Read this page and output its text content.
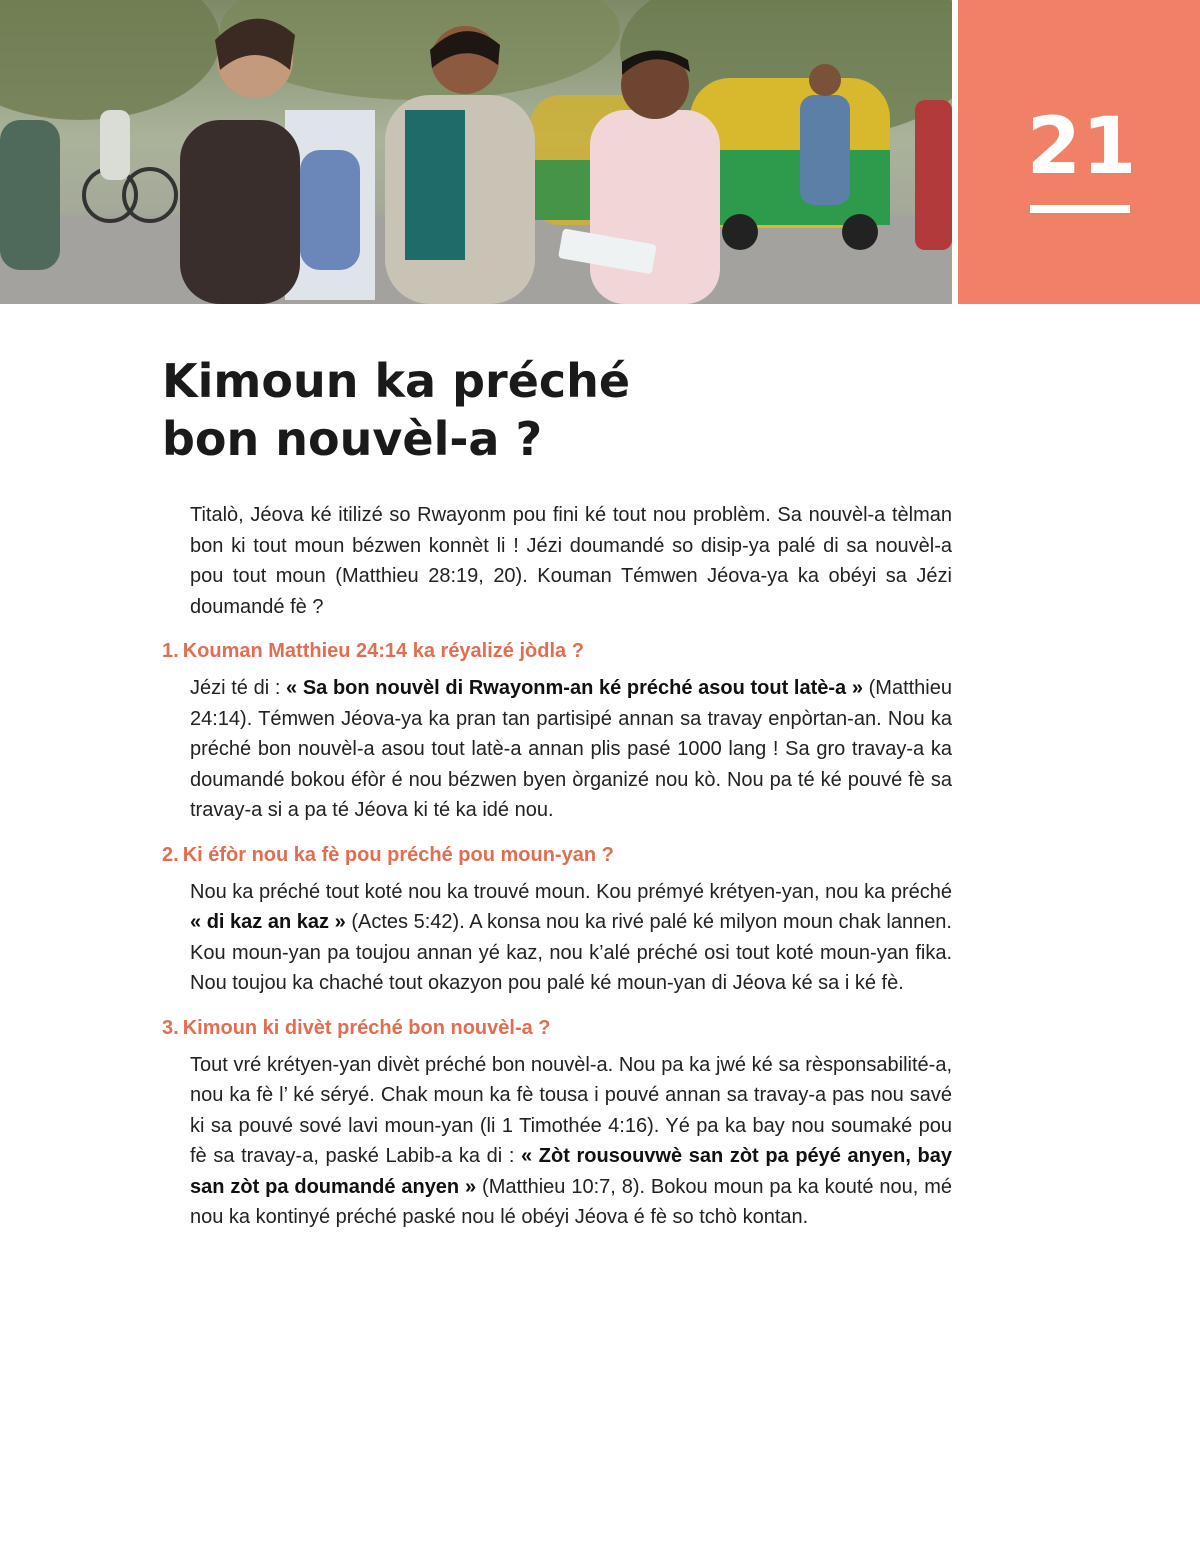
21
Kimoun ka préché
bon nouvèl-a ?

Titalò, Jéova ké itilizé so Rwayonm pou fini ké tout nou problèm. Sa nouvèl-a tèlman bon ki tout moun bézwen konnèt li ! Jézi doumandé so disip-ya palé di sa nouvèl-a pou tout moun (Matthieu 28:19, 20). Kouman Témwen Jéova-ya ka obéyi sa Jézi doumandé fè ?

1. Kouman Matthieu 24:14 ka réyalizé jòdla ?

Jézi té di : « Sa bon nouvèl di Rwayonm-an ké préché asou tout latè-a » (Matthieu 24:14). Témwen Jéova-ya ka pran tan partisipé annan sa travay enpòrtan-an. Nou ka préché bon nouvèl-a asou tout latè-a annan plis pasé 1000 lang ! Sa gro travay-a ka doumandé bokou éfòr é nou bézwen byen òrganizé nou kò. Nou pa té ké pouvé fè sa travay-a si a pa té Jéova ki té ka idé nou.

2. Ki éfòr nou ka fè pou préché pou moun-yan ?

Nou ka préché tout koté nou ka trouvé moun. Kou prémyé krétyen-yan, nou ka préché « di kaz an kaz » (Actes 5:42). A konsa nou ka rivé palé ké milyon moun chak lannen. Kou moun-yan pa toujou annan yé kaz, nou k’alé préché osi tout koté moun-yan fika. Nou toujou ka chaché tout okazyon pou palé ké moun-yan di Jéova ké sa i ké fè.

3. Kimoun ki divèt préché bon nouvèl-a ?

Tout vré krétyen-yan divèt préché bon nouvèl-a. Nou pa ka jwé ké sa rèsponsabilité-a, nou ka fè l’ ké séryé. Chak moun ka fè tousa i pouvé annan sa travay-a pas nou savé ki sa pouvé sové lavi moun-yan (li 1 Timothée 4:16). Yé pa ka bay nou soumaké pou fè sa travay-a, paské Labib-a ka di : « Zòt rousouvwè san zòt pa péyé anyen, bay san zòt pa doumandé anyen » (Matthieu 10:7, 8). Bokou moun pa ka kouté nou, mé nou ka kontinyé préché paské nou lé obéyi Jéova é fè so tchò kontan.
